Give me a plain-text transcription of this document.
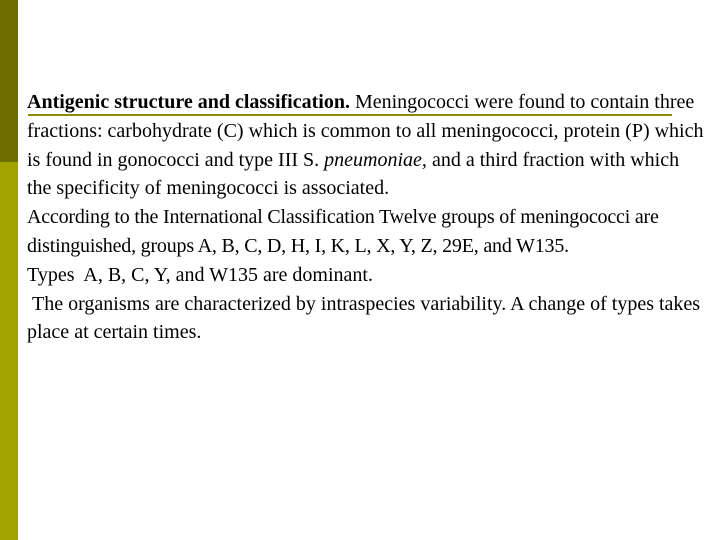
Antigenic structure and classification. Meningococci were found to contain three fractions: carbohydrate (C) which is common to all meningococci, protein (P) which is found in gonococci and type III S. pneumoniae, and a third fraction with which the specificity of meningococci is associated.

According to the International Classification Twelve groups of meningococci are distinguished, groups A, B, C, D, H, I, K, L, X, Y, Z, 29E, and W135.

Types  A, B, C, Y, and W135 are dominant.

The organisms are characterized by intraspecies variability. A change of types takes place at certain times.
